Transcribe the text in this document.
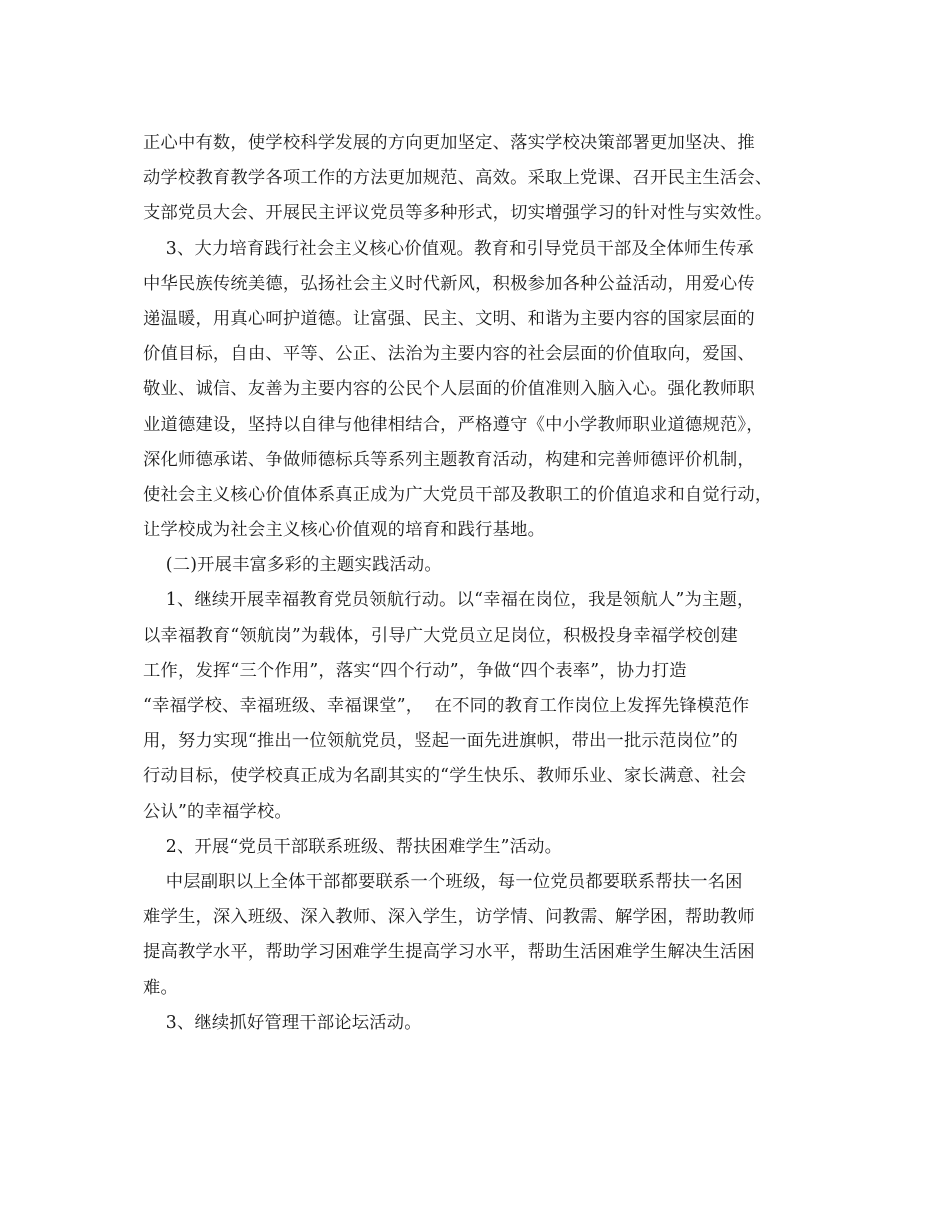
正心中有数，使学校科学发展的方向更加坚定、落实学校决策部署更加坚决、推
动学校教育教学各项工作的方法更加规范、高效。采取上党课、召开民主生活会、
支部党员大会、开展民主评议党员等多种形式，切实增强学习的针对性与实效性。
3、大力培育践行社会主义核心价值观。教育和引导党员干部及全体师生传承
中华民族传统美德，弘扬社会主义时代新风，积极参加各种公益活动，用爱心传
递温暖，用真心呵护道德。让富强、民主、文明、和谐为主要内容的国家层面的
价值目标，自由、平等、公正、法治为主要内容的社会层面的价值取向，爱国、
敬业、诚信、友善为主要内容的公民个人层面的价值准则入脑入心。强化教师职
业道德建设，坚持以自律与他律相结合，严格遵守《中小学教师职业道德规范》，
深化师德承诺、争做师德标兵等系列主题教育活动，构建和完善师德评价机制，
使社会主义核心价值体系真正成为广大党员干部及教职工的价值追求和自觉行动，
让学校成为社会主义核心价值观的培育和践行基地。
(二)开展丰富多彩的主题实践活动。
1、继续开展幸福教育党员领航行动。以“幸福在岗位，我是领航人”为主题，
以幸福教育“领航岗”为载体，引导广大党员立足岗位，积极投身幸福学校创建
工作，发挥“三个作用”，落实“四个行动”，争做“四个表率”，协力打造
“幸福学校、幸福班级、幸福课堂”，  在不同的教育工作岗位上发挥先锋模范作
用，努力实现“推出一位领航党员，竖起一面先进旗帜，带出一批示范岗位”的
行动目标，使学校真正成为名副其实的“学生快乐、教师乐业、家长满意、社会
公认”的幸福学校。
2、开展“党员干部联系班级、帮扶困难学生”活动。
中层副职以上全体干部都要联系一个班级，每一位党员都要联系帮扶一名困
难学生，深入班级、深入教师、深入学生，访学情、问教需、解学困，帮助教师
提高教学水平，帮助学习困难学生提高学习水平，帮助生活困难学生解决生活困
难。
3、继续抓好管理干部论坛活动。
